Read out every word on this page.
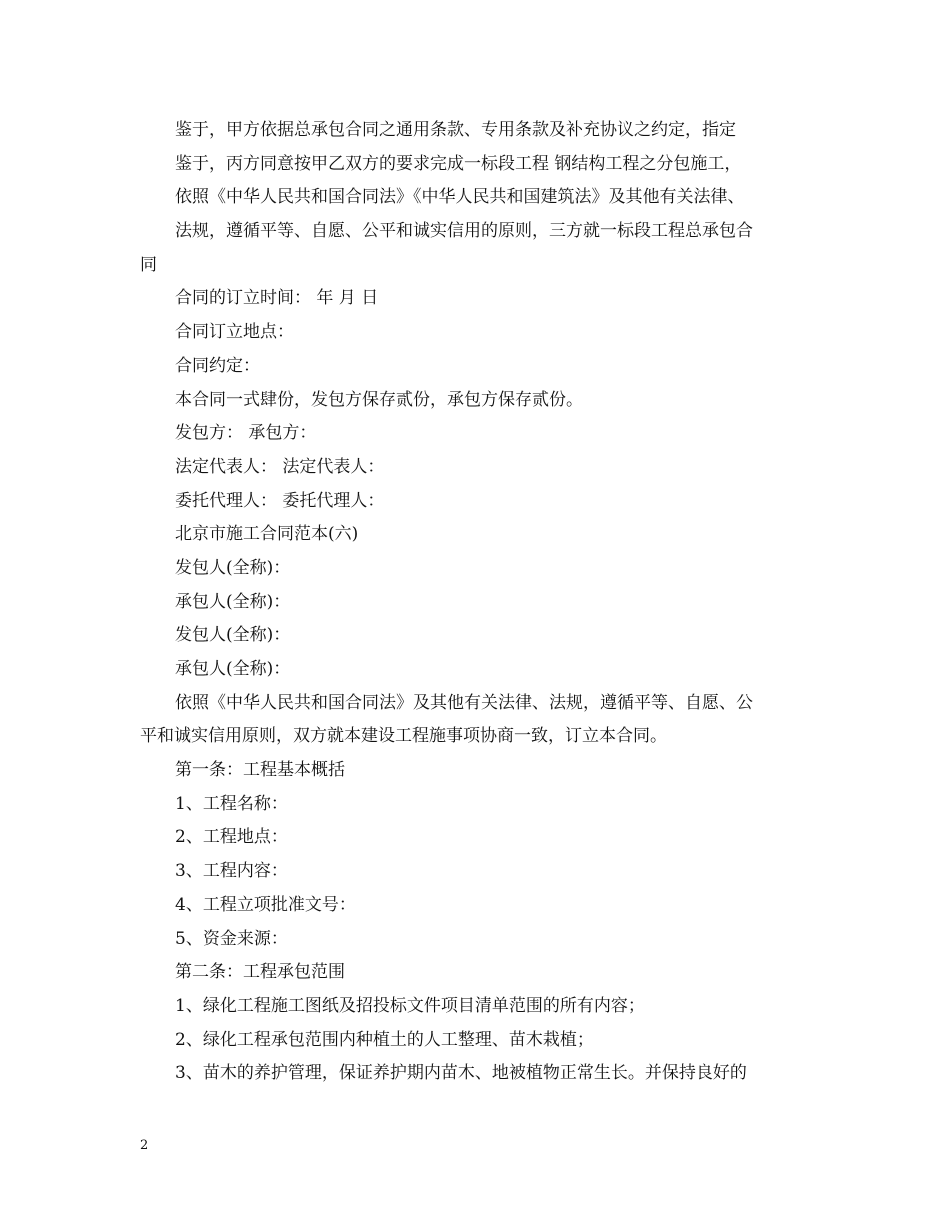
鉴于，甲方依据总承包合同之通用条款、专用条款及补充协议之约定，指定
鉴于，丙方同意按甲乙双方的要求完成一标段工程 钢结构工程之分包施工，
依照《中华人民共和国合同法》《中华人民共和国建筑法》及其他有关法律、
法规，遵循平等、自愿、公平和诚实信用的原则，三方就一标段工程总承包合
同
合同的订立时间： 年 月 日
合同订立地点：
合同约定：
本合同一式肆份，发包方保存贰份，承包方保存贰份。
发包方： 承包方：
法定代表人： 法定代表人：
委托代理人： 委托代理人：
北京市施工合同范本(六)
发包人(全称)：
承包人(全称)：
发包人(全称)：
承包人(全称)：
依照《中华人民共和国合同法》及其他有关法律、法规，遵循平等、自愿、公
平和诚实信用原则，双方就本建设工程施事项协商一致，订立本合同。
第一条：工程基本概括
1、工程名称：
2、工程地点：
3、工程内容：
4、工程立项批准文号：
5、资金来源：
第二条：工程承包范围
1、绿化工程施工图纸及招投标文件项目清单范围的所有内容；
2、绿化工程承包范围内种植土的人工整理、苗木栽植；
3、苗木的养护管理，保证养护期内苗木、地被植物正常生长。并保持良好的
2
